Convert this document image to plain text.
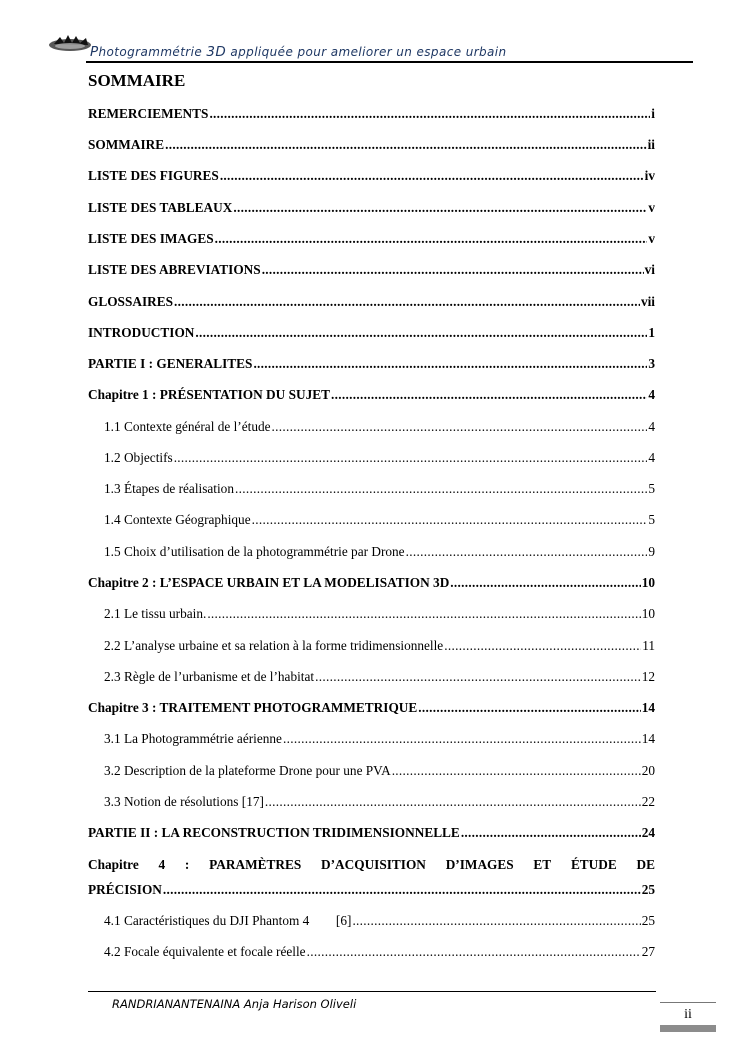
Photogrammétrie 3D appliquée pour ameliorer un espace urbain
SOMMAIRE
REMERCIEMENTS .....	i
SOMMAIRE .....	ii
LISTE DES FIGURES .....	iv
LISTE DES TABLEAUX .....	v
LISTE DES IMAGES .....	v
LISTE DES ABREVIATIONS .....	vi
GLOSSAIRES .....	vii
INTRODUCTION .....	1
PARTIE I : GENERALITES .....	3
Chapitre 1 : PRÉSENTATION DU SUJET .....	4
1.1 Contexte général de l’étude .....	4
1.2 Objectifs .....	4
1.3 Étapes de réalisation .....	5
1.4 Contexte Géographique .....	5
1.5 Choix d’utilisation de la photogrammétrie par Drone .....	9
Chapitre 2 : L’ESPACE URBAIN ET LA MODELISATION 3D .....	10
2.1 Le tissu urbain. .....	10
2.2 L’analyse urbaine et sa relation à la forme tridimensionnelle .....	11
2.3 Règle de l’urbanisme et de l’habitat .....	12
Chapitre 3 : TRAITEMENT PHOTOGRAMMETRIQUE .....	14
3.1 La Photogrammétrie aérienne .....	14
3.2 Description de la plateforme Drone pour une PVA .....	20
3.3 Notion de résolutions [17] .....	22
PARTIE II : LA RECONSTRUCTION TRIDIMENSIONNELLE .....	24
Chapitre 4 : PARAMÈTRES D’ACQUISITION D’IMAGES ET ÉTUDE DE
PRÉCISION .....	25
4.1 Caractéristiques du DJI Phantom 4        [6] .....	25
4.2 Focale équivalente et focale réelle .....	27
RANDRIANANTENAINA Anja Harison Oliveli
ii
